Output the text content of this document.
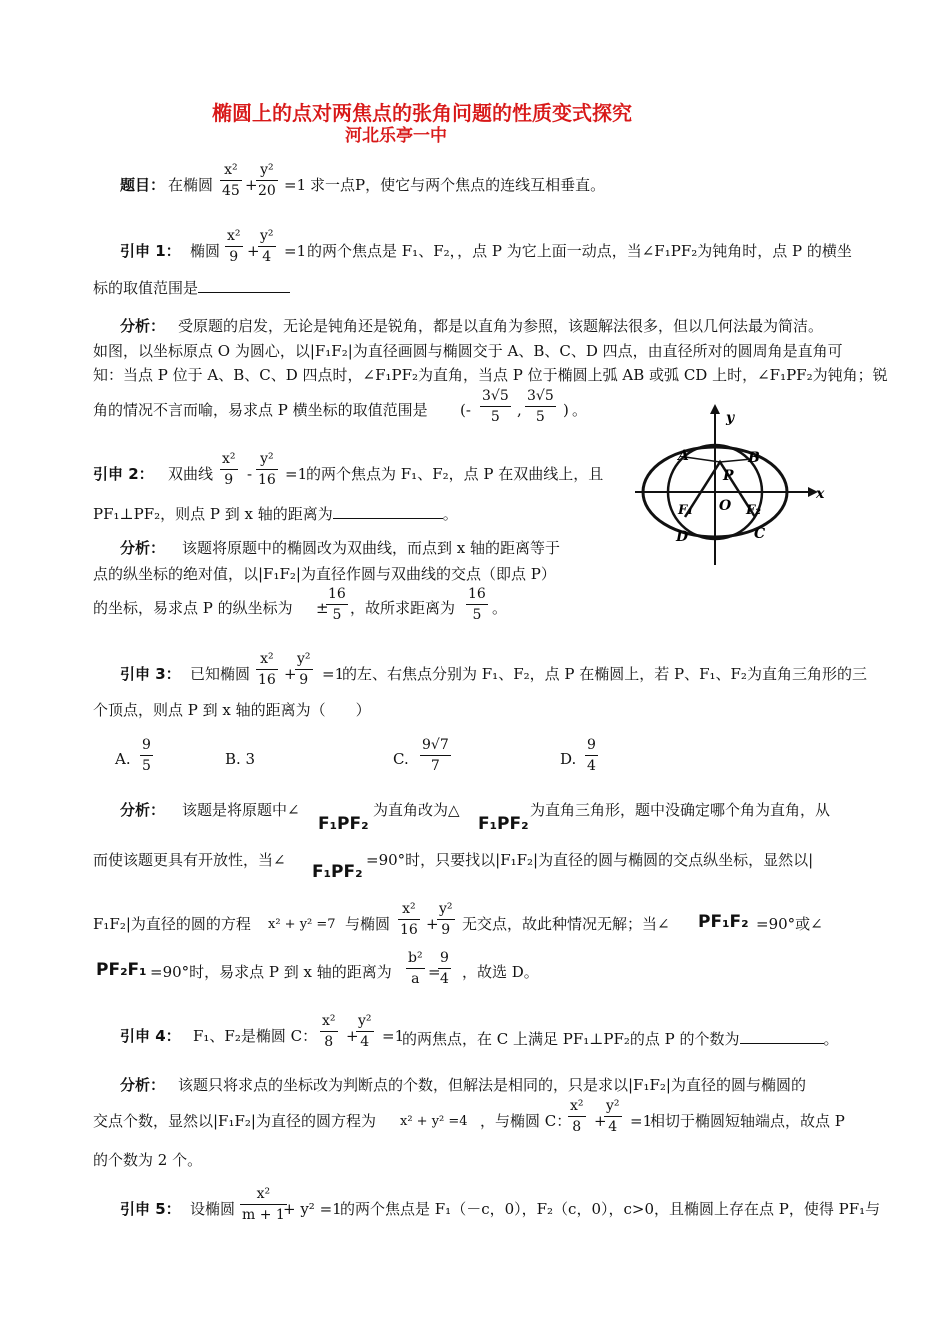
椭圆上的点对两焦点的张角问题的性质变式探究
河北乐亭一中
题目： 在椭圆 $\frac{\text{x²}}{45}$ +
$\frac{\text{y²}}{20} =1$ 求一点P，使它与两个焦点的连线互相垂直。
引申 1： 椭圆 $\frac{\text{x²}}{9}$ +
$\frac{\text{y²}}{4} =1$ 的两个焦点是 F₁、F₂，，点 P 为它上面一动点，当∠F₁PF₂为钝角时，点 P 的横坐
标的取值范围是
分析： 受原题的启发，无论是钝角还是锐角，都是以直角为参照，该题解法很多，但以几何法最为简洁。
如图，以坐标原点 O 为圆心，以|F₁F₂|为直径画圆与椭圆交于 A、B、C、D 四点，由直径所对的圆周角是直角可
知：当点 P 位于 A、B、C、D 四点时，∠F₁PF₂为直角，当点 P 位于椭圆上弧 AB 或弧 CD 上时，∠F₁PF₂为钝角；锐
角的情况不言而喻，易求点 P 横坐标的取值范围是 (- $\frac{3√5}{5}$ , $\frac{3√5}{5}$ ) 。	y
x
A	B
P
F₁ O F₂
D	C
引申 2： 双曲线 $\frac{\text{x²}}{9} - \frac{\text{y²}}{16} =1$
的两个焦点为 F₁、F₂，点 P 在双曲线上，且
PF₁⊥PF₂，则点 P 到 x 轴的距离为	。
分析： 该题将原题中的椭圆改为双曲线，而点到 x 轴的距离等于
点的纵坐标的绝对值，以|F₁F₂|为直径作圆与双曲线的交点（即点 P）
的坐标，易求点 P 的纵坐标为 ±
$\frac{16}{5}$ ，故所求距离为 $\frac{16}{5}$ 。
引申 3： 已知椭圆 $\frac{\text{x²}}{16}$ +
$\frac{\text{y²}}{9} =1$
的左、右焦点分别为 F₁、F₂，点 P 在椭圆上，若 P、F₁、F₂为直角三角形的三
个顶点，则点 P 到 x 轴的距离为（　　）
A. $\frac{9}{5}$	B. 3	C. $\frac{9√7}{7}$	D. $\frac{9}{4}$
分析： 该题是将原题中∠
F₁PF₂
为直角改为△
F₁PF₂
为直角三角形，题中没确定哪个角为直角，从
而使该题更具有开放性，当∠
F₁PF₂
=90°时，只要找以|F₁F₂|为直径的圆与椭圆的交点纵坐标，显然以|
F₁F₂|为直径的圆的方程 x² + y² =7 与椭圆 $\frac{\text{x²}}{16}$ +
$\frac{\text{y²}}{9}$ 无交点，故此种情况无解；当∠ PF₁F₂ =90°或∠
PF₂F₁ =90°时，易求点 P 到 x 轴的距离为 $\frac{\text{b²}}{a}$ =
$\frac{9}{4}$ ，故选 D。
引申 4： F₁、F₂是椭圆 C： $\frac{\text{x²}}{8}$ +
$\frac{\text{y²}}{4} =1$
的两焦点，在 C 上满足 PF₁⊥PF₂的点 P 的个数为	。
分析： 该题只将求点的坐标改为判断点的个数，但解法是相同的，只是求以|F₁F₂|为直径的圆与椭圆的
交点个数，显然以|F₁F₂|为直径的圆方程为 x² + y² =4 ，与椭圆 C：
$\frac{\text{x²}}{8}$ +
$\frac{\text{y²}}{4} =1$
相切于椭圆短轴端点，故点 P
的个数为 2 个。
引申 5： 设椭圆 $\frac{\text{x²}}{m + 1}$
+ y² =1
的两个焦点是 F₁（－c，0），F₂（c，0），c>0，且椭圆上存在点 P，使得 PF₁与
